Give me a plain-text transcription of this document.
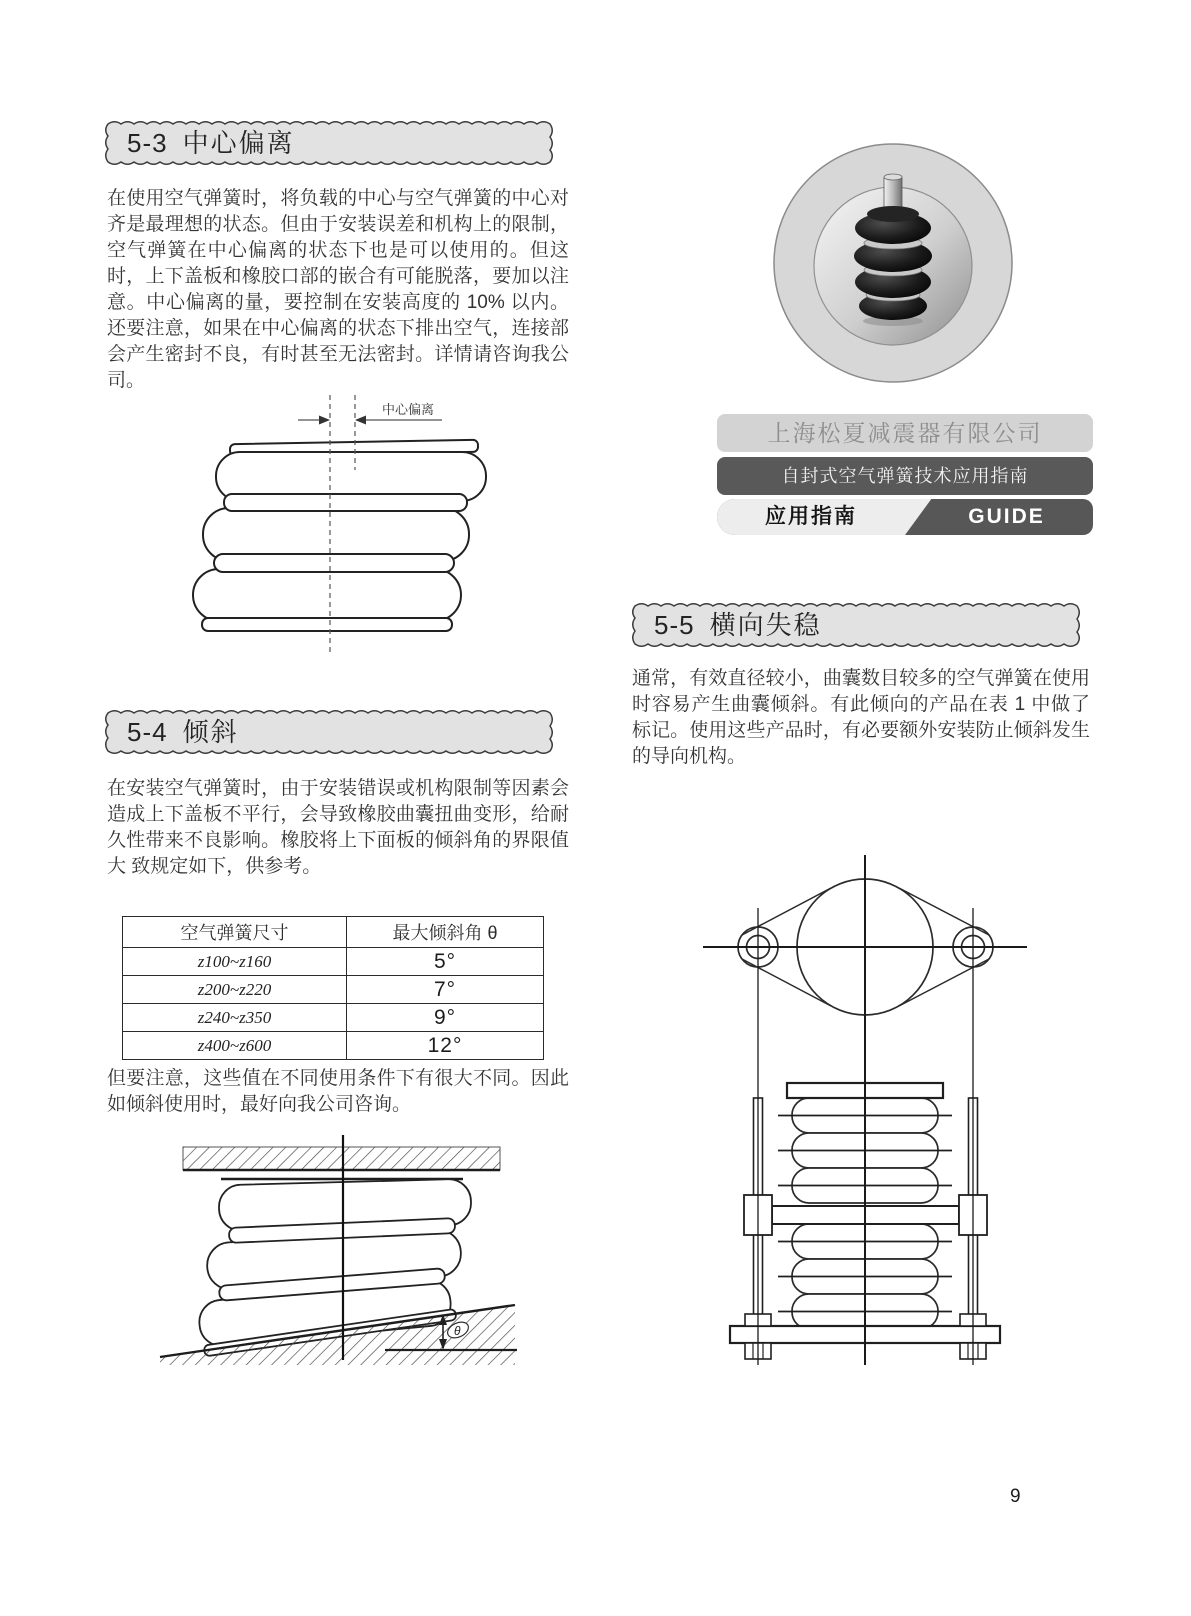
5-3 中心偏离
在使用空气弹簧时，将负载的中心与空气弹簧的中心对齐是最理想的状态。但由于安装误差和机构上的限制，空气弹簧在中心偏离的状态下也是可以使用的。但这时，上下盖板和橡胶口部的嵌合有可能脱落，要加以注意。中心偏离的量，要控制在安装高度的 10% 以内。还要注意，如果在中心偏离的状态下排出空气，连接部会产生密封不良，有时甚至无法密封。详情请咨询我公司。
中心偏离
5-4 倾斜
在安装空气弹簧时，由于安装错误或机构限制等因素会造成上下盖板不平行，会导致橡胶曲囊扭曲变形，给耐久性带来不良影响。橡胶将上下面板的倾斜角的界限值大 致规定如下，供参考。
空气弹簧尺寸	最大倾斜角 θ
z100~z160	5°
z200~z220	7°
z240~z350	9°
z400~z600	12°
但要注意，这些值在不同使用条件下有很大不同。因此如倾斜使用时，最好向我公司咨询。
θ
上海松夏减震器有限公司
自封式空气弹簧技术应用指南
应用指南	GUIDE
5-5 横向失稳
通常，有效直径较小，曲囊数目较多的空气弹簧在使用时容易产生曲囊倾斜。有此倾向的产品在表 1 中做了标记。使用这些产品时，有必要额外安装防止倾斜发生的导向机构。
9
